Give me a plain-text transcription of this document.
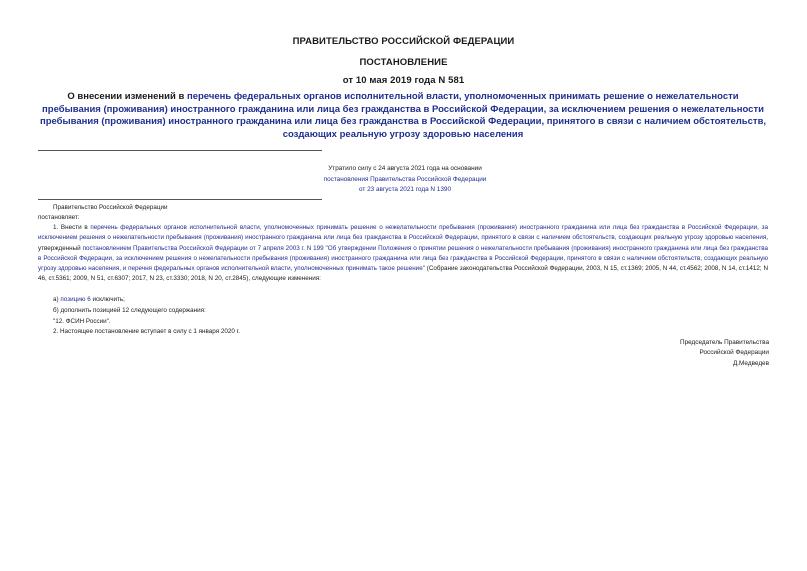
ПРАВИТЕЛЬСТВО РОССИЙСКОЙ ФЕДЕРАЦИИ
ПОСТАНОВЛЕНИЕ
от 10 мая 2019 года N 581
О внесении изменений в перечень федеральных органов исполнительной власти, уполномоченных принимать решение о нежелательности пребывания (проживания) иностранного гражданина или лица без гражданства в Российской Федерации, за исключением решения о нежелательности пребывания (проживания) иностранного гражданина или лица без гражданства в Российской Федерации, принятого в связи с наличием обстоятельств, создающих реальную угрозу здоровью населения
Утратило силу с 24 августа 2021 года на основании
постановления Правительства Российской Федерации
от 23 августа 2021 года N 1390
Правительство Российской Федерации
постановляет:
1. Внести в перечень федеральных органов исполнительной власти, уполномоченных принимать решение о нежелательности пребывания (проживания) иностранного гражданина или лица без гражданства в Российской Федерации, за исключением решения о нежелательности пребывания (проживания) иностранного гражданина или лица без гражданства в Российской Федерации, принятого в связи с наличием обстоятельств, создающих реальную угрозу здоровью населения, утвержденный постановлением Правительства Российской Федерации от 7 апреля 2003 г. N 199 "Об утверждении Положения о принятии решения о нежелательности пребывания (проживания) иностранного гражданина или лица без гражданства в Российской Федерации, за исключением решения о нежелательности пребывания (проживания) иностранного гражданина или лица без гражданства в Российской Федерации, принятого в связи с наличием обстоятельств, создающих реальную угрозу здоровью населения, и перечня федеральных органов исполнительной власти, уполномоченных принимать такое решение" (Собрание законодательства Российской Федерации, 2003, N 15, ст.1369; 2005, N 44, ст.4562; 2008, N 14, ст.1412; N 46, ст.5361; 2009, N 51, ст.6307; 2017, N 23, ст.3330; 2018, N 20, ст.2845), следующие изменения:
а) позицию 6 исключить;
б) дополнить позицией 12 следующего содержания:
"12. ФСИН России".
2. Настоящее постановление вступает в силу с 1 января 2020 г.
Председатель Правительства
Российской Федерации
Д.Медведев
